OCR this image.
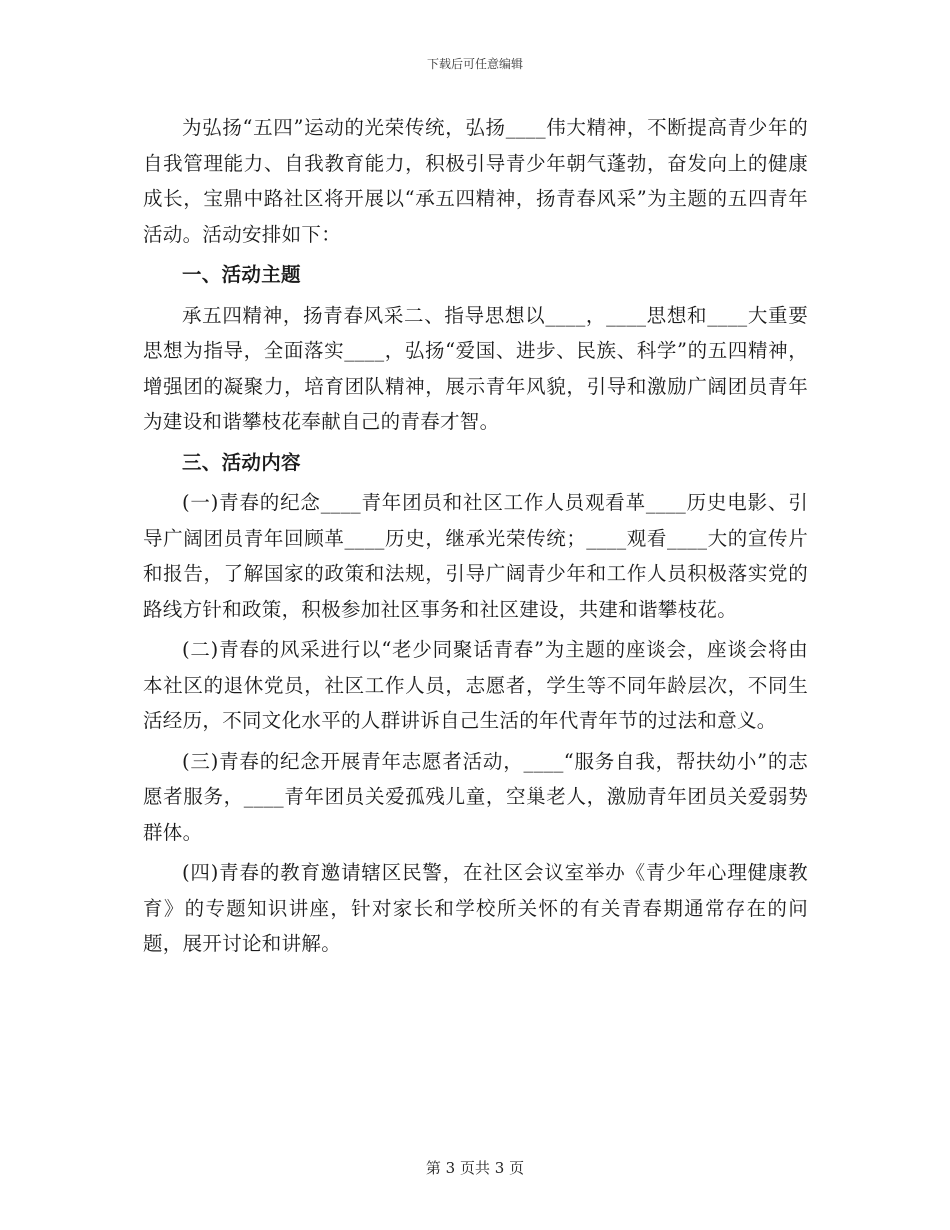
下载后可任意编辑

为弘扬“五四”运动的光荣传统，弘扬____伟大精神，不断提高青少年的自我管理能力、自我教育能力，积极引导青少年朝气蓬勃，奋发向上的健康成长，宝鼎中路社区将开展以“承五四精神，扬青春风采”为主题的五四青年活动。活动安排如下：

一、活动主题

承五四精神，扬青春风采二、指导思想以____，____思想和____大重要思想为指导，全面落实____，弘扬“爱国、进步、民族、科学”的五四精神，增强团的凝聚力，培育团队精神，展示青年风貌，引导和激励广阔团员青年为建设和谐攀枝花奉献自己的青春才智。

三、活动内容

(一)青春的纪念____青年团员和社区工作人员观看革____历史电影、引导广阔团员青年回顾革____历史，继承光荣传统；____观看____大的宣传片和报告，了解国家的政策和法规，引导广阔青少年和工作人员积极落实党的路线方针和政策，积极参加社区事务和社区建设，共建和谐攀枝花。

(二)青春的风采进行以“老少同聚话青春”为主题的座谈会，座谈会将由本社区的退休党员，社区工作人员，志愿者，学生等不同年龄层次，不同生活经历，不同文化水平的人群讲诉自己生活的年代青年节的过法和意义。

(三)青春的纪念开展青年志愿者活动，____“服务自我，帮扶幼小”的志愿者服务，____青年团员关爱孤残儿童，空巢老人，激励青年团员关爱弱势群体。

(四)青春的教育邀请辖区民警，在社区会议室举办《青少年心理健康教育》的专题知识讲座，针对家长和学校所关怀的有关青春期通常存在的问题，展开讨论和讲解。

第 3 页共 3 页
